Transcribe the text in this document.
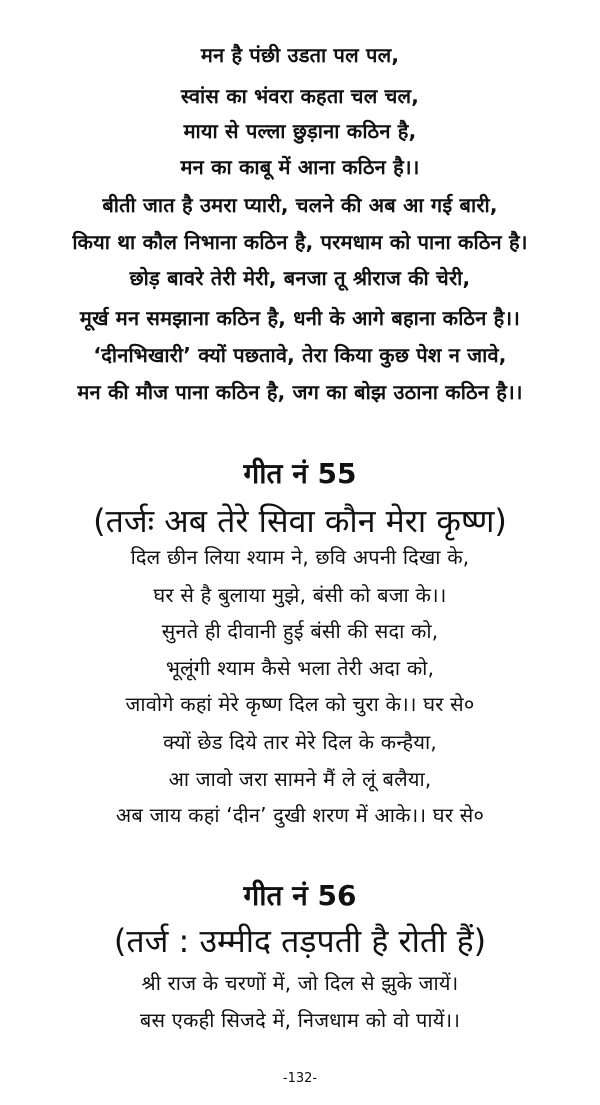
मन है पंछी उडता पल पल,
स्वांस का भंवरा कहता चल चल,
माया से पल्ला छुड़ाना कठिन है,
मन का काबू में आना कठिन है।।
बीती जात है उमरा प्यारी, चलने की अब आ गई बारी,
किया था कौल निभाना कठिन है, परमधाम को पाना कठिन है।
छोड़ बावरे तेरी मेरी, बनजा तू श्रीराज की चेरी,
मूर्ख मन समझाना कठिन है, धनी के आगे बहाना कठिन है।।
‘दीनभिखारी’ क्यों पछतावे, तेरा किया कुछ पेश न जावे,
मन की मौज पाना कठिन है, जग का बोझ उठाना कठिन है।।
गीत नं 55
(तर्जः अब तेरे सिवा कौन मेरा कृष्ण)
दिल छीन लिया श्याम ने, छवि अपनी दिखा के,
घर से है बुलाया मुझे, बंसी को बजा के।।
सुनते ही दीवानी हुई बंसी की सदा को,
भूलूंगी श्याम कैसे भला तेरी अदा को,
जावोगे कहां मेरे कृष्ण दिल को चुरा के।। घर से०
क्यों छेड दिये तार मेरे दिल के कन्हैया,
आ जावो जरा सामने मैं ले लूं बलैया,
अब जाय कहां ‘दीन’ दुखी शरण में आके।। घर से०
गीत नं 56
(तर्ज : उम्मीद तड़पती है रोती हैं)
श्री राज के चरणों में, जो दिल से झुके जायें।
बस एकही सिजदे में, निजधाम को वो पायें।।
-132-
